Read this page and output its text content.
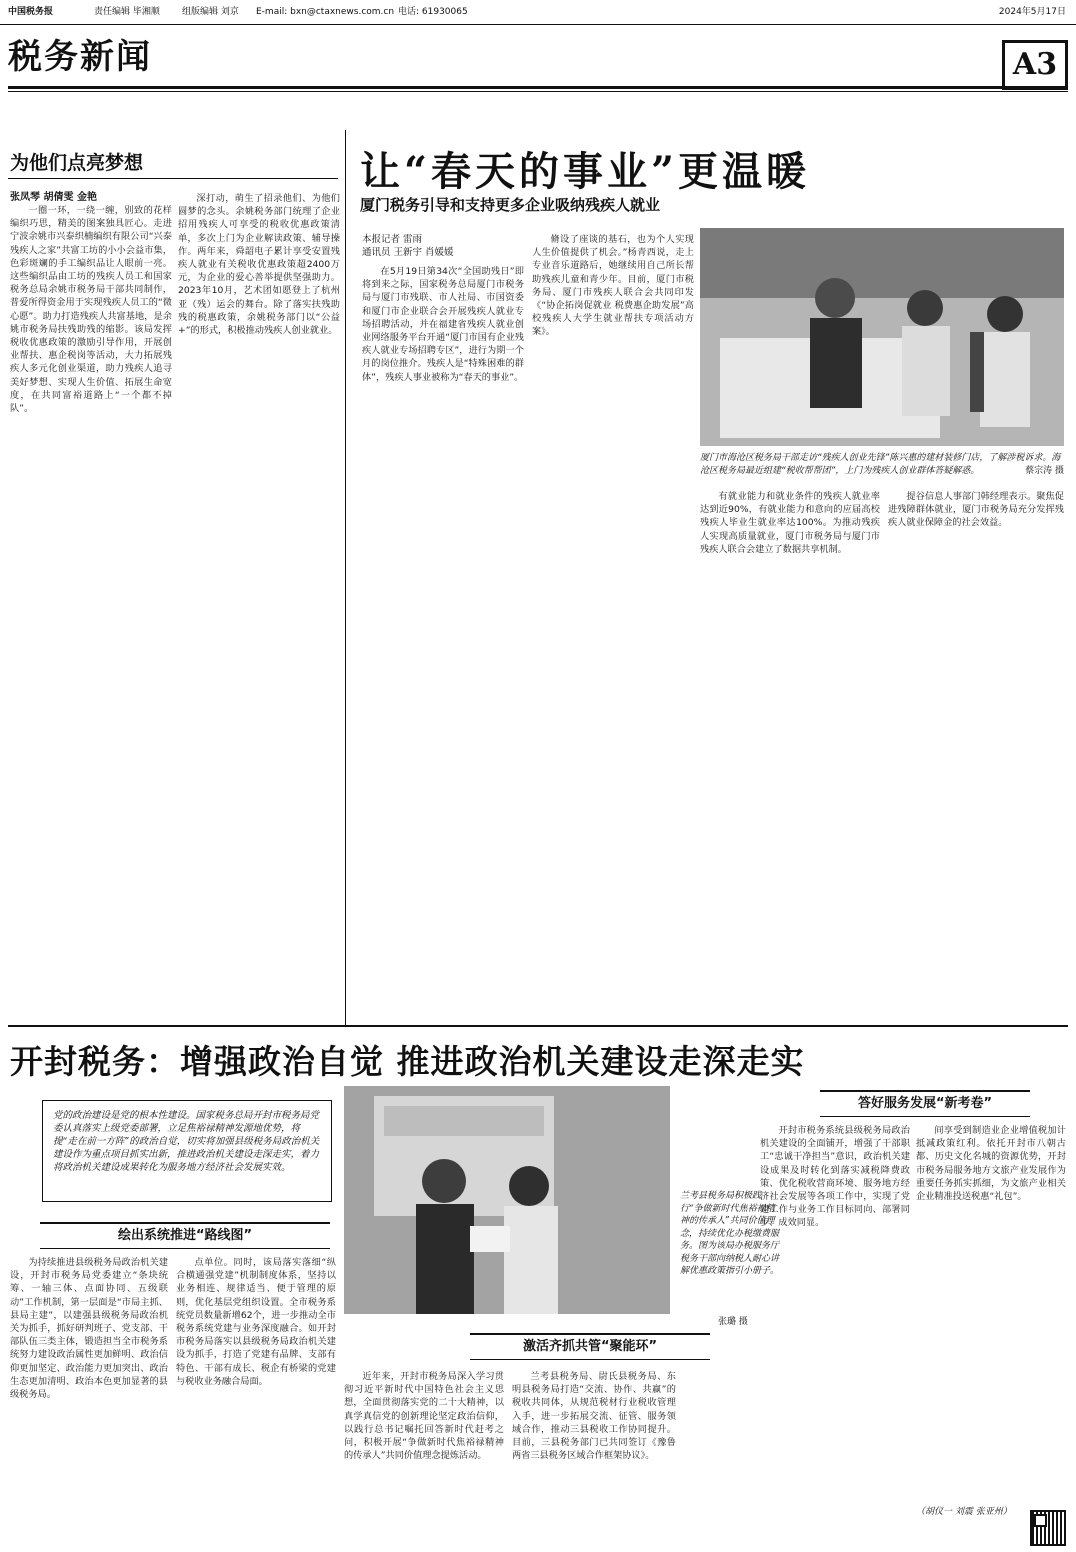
中国税务报	责任编辑 毕湘顺 组版编辑 刘京 E-mail: bxn@ctaxnews.com.cn 电话: 61930065	2024年5月17日
税务新闻	A3
为他们点亮梦想
张凤琴 胡倩雯 金艳

一圈一环，一绕一缠，别致的花样编织巧思，精美的图案独具匠心。走进宁波余姚市兴泰织楠编织有限公司“兴泰残疾人之家”共富工坊的小小会益市集，色彩斑斓的手工编织品让人眼前一亮。这些编织品由工坊的残疾人员工和国家税务总局余姚市税务局干部共同制作，普爱所得资金用于实现残疾人员工的“微心愿”。助力打造残疾人共富基地，是余姚市税务局扶残助残的缩影。该局发挥税收优惠政策的激励引导作用，开展创业帮扶、惠企税岗等活动，大力拓展残疾人多元化创业渠道，助力残疾人追寻美好梦想、实现人生价值、拓展生命宽度，在共同富裕道路上“一个都不掉队”。

深打动，萌生了招录他们、为他们圆梦的念头。余姚税务部门统理了企业招用残疾人可享受的税收优惠政策清单，多次上门为企业解读政策、辅导操作。两年来，舜韶电子累计享受安置残疾人就业有关税收优惠政策超2400万元，为企业的爱心善举提供坚强助力。2023年10月，艺术团如愿登上了杭州亚（残）运会的舞台。除了落实扶残助残的税惠政策，余姚税务部门以“公益+”的形式，积极推动残疾人创业就业。

让“春天的事业”更温暖
厦门税务引导和支持更多企业吸纳残疾人就业
本报记者 雷雨
通讯员 王新宇 肖媛媛

在5月19日第34次“全国助残日”即将到来之际，国家税务总局厦门市税务局与厦门市残联、市人社局、市国资委和厦门市企业联合会开展残疾人就业专场招聘活动，并在福建省残疾人就业创业网络服务平台开通“厦门市国有企业残疾人就业专场招聘专区”，进行为期一个月的岗位推介。残疾人是“特殊困难的群体”，残疾人事业被称为“春天的事业”。

脩设了座谈的基石，也为个人实现人生价值提供了机会。”杨青西说，走上专业音乐道路后，她继续用自己所长帮助残疾儿童和青少年。目前，厦门市税务局、厦门市残疾人联合会共同印发《“协企拓岗促就业 税费惠企助发展”高校残疾人大学生就业帮扶专项活动方案》。

厦门市海沧区税务局干部走访“残疾人创业先锋”陈兴惠的建材装修门店，了解涉税诉求。海沧区税务局最近组建“税收帮帮团”，上门为残疾人创业群体答疑解惑。	蔡宗涛 摄

有就业能力和就业条件的残疾人就业率达到近90%，有就业能力和意向的应届高校残疾人毕业生就业率达100%。为推动残疾人实现高质量就业，厦门市税务局与厦门市残疾人联合会建立了数据共享机制。

提谷信息人事部门韩经理表示。聚焦促进残障群体就业，厦门市税务局充分发挥残疾人就业保障金的社会效益。

开封税务：增强政治自觉 推进政治机关建设走深走实
党的政治建设是党的根本性建设。国家税务总局开封市税务局党委认真落实上级党委部署，立足焦裕禄精神发源地优势，将提“走在前一方阵”的政治自觉，切实将加强县级税务局政治机关建设作为重点项目抓实出新，推进政治机关建设走深走实，着力将政治机关建设成果转化为服务地方经济社会发展实效。
绘出系统推进“路线图”

为持续推进县级税务局政治机关建设，开封市税务局党委建立“条块统筹、一轴三体、点面协同、五级联动”工作机制，第一层面是“市局主抓、县局主建”，以建强县级税务局政治机关为抓手，抓好研判班子、党支部、干部队伍三类主体，锻造担当全市税务系统努力建设政治属性更加鲜明、政治信仰更加坚定、政治能力更加突出、政治生态更加清明、政治本色更加显著的县级税务局。

点单位。同时，该局落实落细“纵合横通强党建”机制制度体系，坚持以业务相连、规律适当、便于管理的原则，优化基层党组织设置。全市税务系统党员数量新增62个，进一步推动全市税务系统党建与业务深度融合。如开封市税务局落实以县级税务局政治机关建设为抓手，打造了党建有品牌、支部有特色、干部有成长、税企有桥梁的党建与税收业务融合局面。

兰考县税务局积极践行“争做新时代焦裕禄精神的传承人”共同价值理念，持续优化办税缴费服务。图为该局办税服务厅税务干部向纳税人耐心讲解优惠政策指引小册子。
张璐 摄
激活齐抓共管“聚能环”

近年来，开封市税务局深入学习贯彻习近平新时代中国特色社会主义思想，全面贯彻落实党的二十大精神，以真学真信党的创新理论坚定政治信仰，以践行总书记嘱托回答新时代赶考之问，积极开展“争做新时代焦裕禄精神的传承人”共同价值理念提炼活动。

兰考县税务局、尉氏县税务局、东明县税务局打造“交流、协作、共赢”的税收共同体，从规范税材行业税收管理入手，进一步拓展交流、征管、服务领域合作，推动三县税收工作协同提升。目前，三县税务部门已共同签订《豫鲁两省三县税务区域合作框架协议》。

答好服务发展“新考卷”

开封市税务系统县级税务局政治机关建设的全面铺开，增强了干部职工“忠诚干净担当”意识，政治机关建设成果及时转化到落实减税降费政策、优化税收营商环境、服务地方经济社会发展等各项工作中，实现了党建工作与业务工作目标同向、部署同步、成效同显。

间享受到制造业企业增值税加计抵减政策红利。依托开封市八朝古都、历史文化名城的资源优势，开封市税务局服务地方文旅产业发展作为重要任务抓实抓细，为文旅产业相关企业精准投送税惠“礼包”。

（胡仪一 刘震 张亚州）
